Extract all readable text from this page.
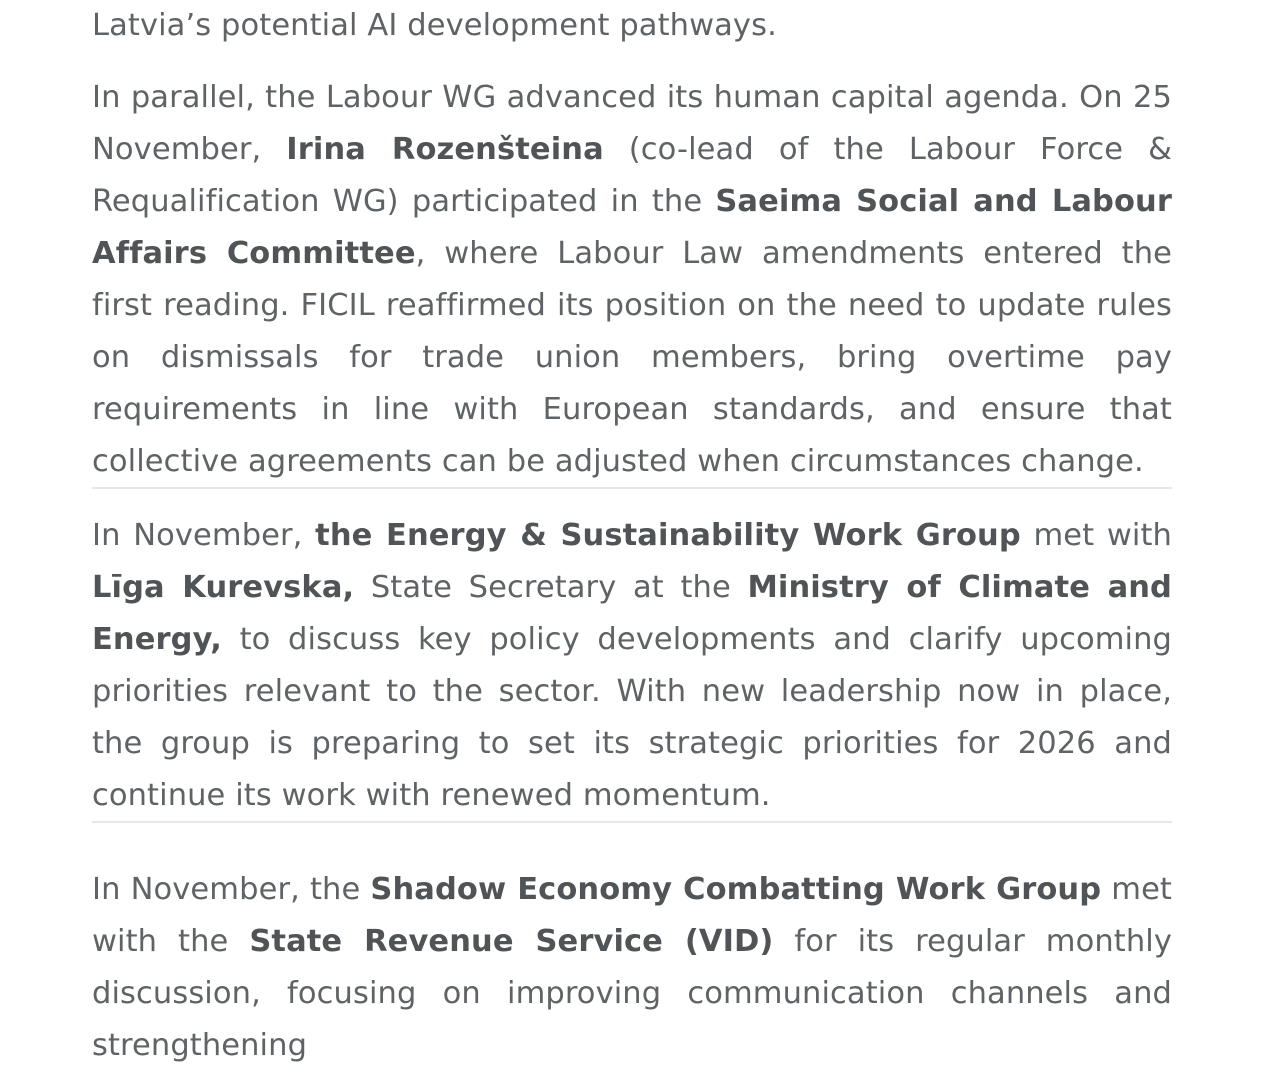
Latvia’s potential AI development pathways.

In parallel, the Labour WG advanced its human capital agenda. On 25 November, Irina Rozenšteina (co-lead of the Labour Force & Requalification WG) participated in the Saeima Social and Labour Affairs Committee, where Labour Law amendments entered the first reading. FICIL reaffirmed its position on the need to update rules on dismissals for trade union members, bring overtime pay requirements in line with European standards, and ensure that collective agreements can be adjusted when circumstances change.

In November, the Energy & Sustainability Work Group met with Līga Kurevska, State Secretary at the Ministry of Climate and Energy, to discuss key policy developments and clarify upcoming priorities relevant to the sector. With new leadership now in place, the group is preparing to set its strategic priorities for 2026 and continue its work with renewed momentum.

In November, the Shadow Economy Combatting Work Group met with the State Revenue Service (VID) for its regular monthly discussion, focusing on improving communication channels and strengthening
